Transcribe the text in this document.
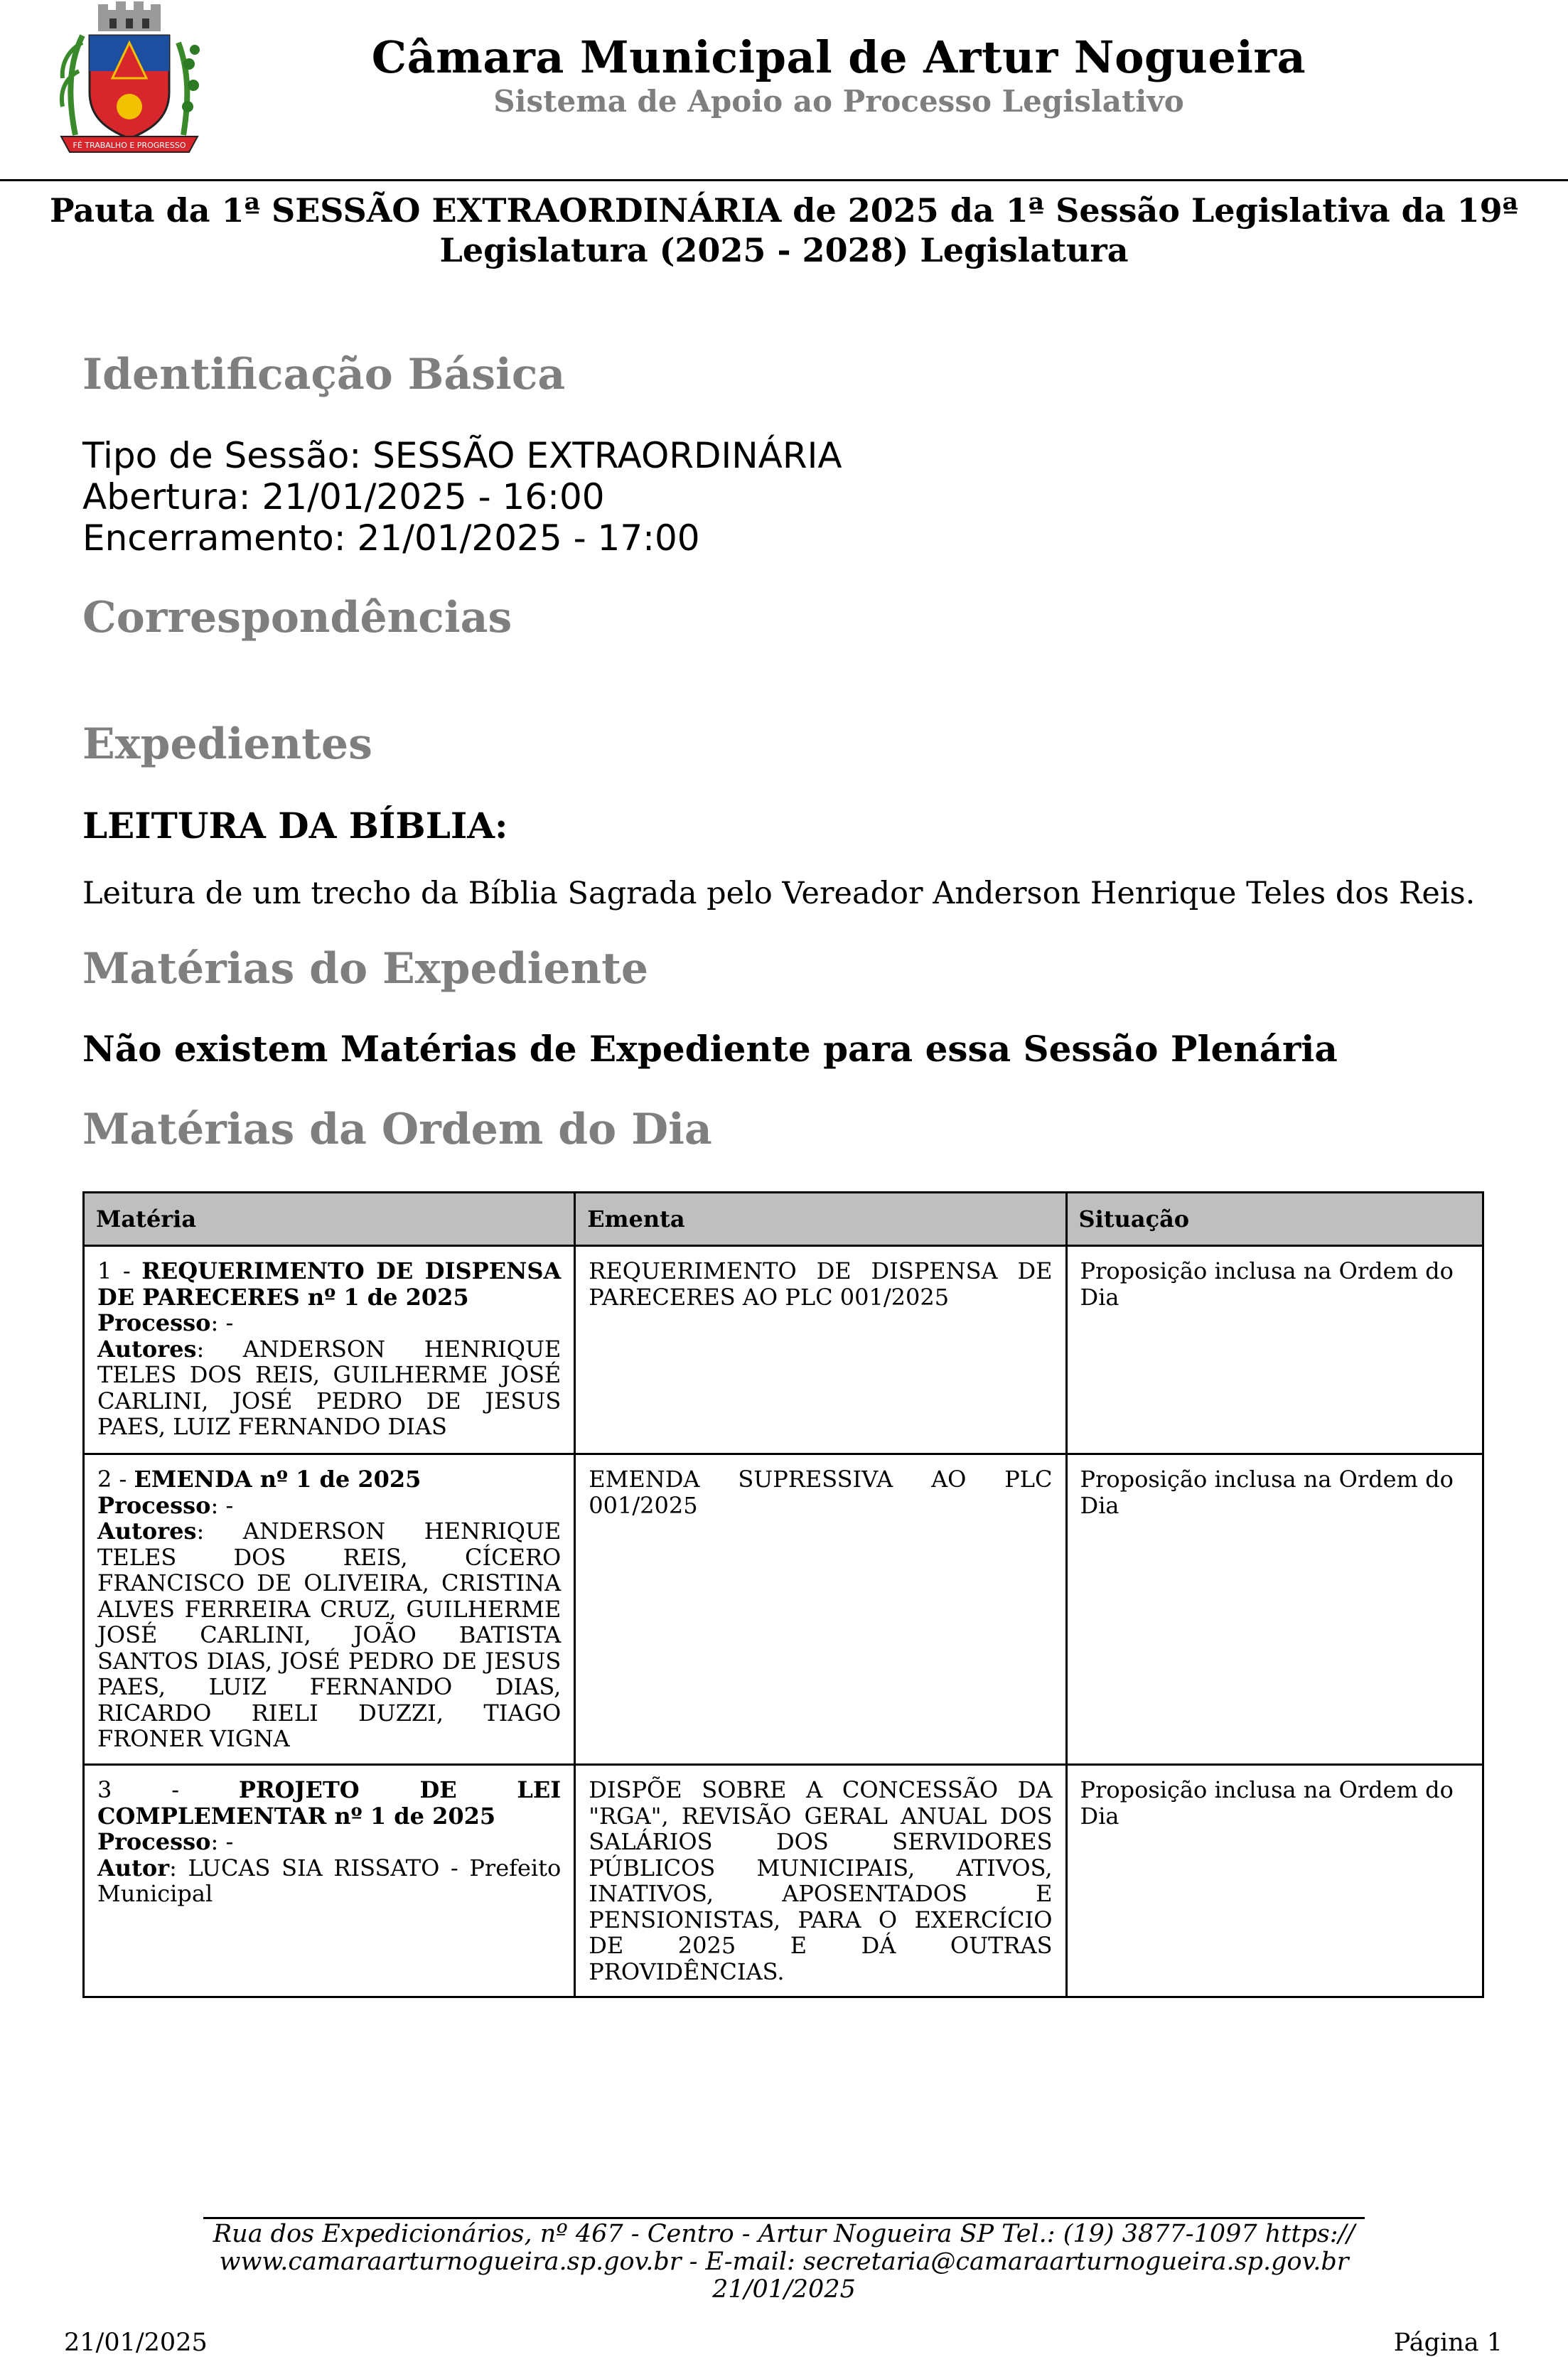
FÉ TRABALHO E PROGRESSO
Câmara Municipal de Artur Nogueira
Sistema de Apoio ao Processo Legislativo
Pauta da 1ª SESSÃO EXTRAORDINÁRIA de 2025 da 1ª Sessão Legislativa da 19ª
Legislatura (2025 - 2028) Legislatura
Identificação Básica
Tipo de Sessão: SESSÃO EXTRAORDINÁRIA
Abertura: 21/01/2025 - 16:00
Encerramento: 21/01/2025 - 17:00
Correspondências
Expedientes
LEITURA DA BÍBLIA:
Leitura de um trecho da Bíblia Sagrada pelo Vereador Anderson Henrique Teles dos Reis.
Matérias do Expediente
Não existem Matérias de Expediente para essa Sessão Plenária
Matérias da Ordem do Dia
Matéria	Ementa	Situação
1 - REQUERIMENTO DE DISPENSA DE PARECERES nº 1 de 2025
Processo: -
Autores: ANDERSON HENRIQUE TELES DOS REIS, GUILHERME JOSÉ CARLINI, JOSÉ PEDRO DE JESUS PAES, LUIZ FERNANDO DIAS	REQUERIMENTO DE DISPENSA DE PARECERES AO PLC 001/2025	Proposição inclusa na Ordem do Dia
2 - EMENDA nº 1 de 2025
Processo: -
Autores: ANDERSON HENRIQUE TELES DOS REIS, CÍCERO FRANCISCO DE OLIVEIRA, CRISTINA ALVES FERREIRA CRUZ, GUILHERME JOSÉ CARLINI, JOÃO BATISTA SANTOS DIAS, JOSÉ PEDRO DE JESUS PAES, LUIZ FERNANDO DIAS, RICARDO RIELI DUZZI, TIAGO FRONER VIGNA	EMENDA SUPRESSIVA AO PLC 001/2025	Proposição inclusa na Ordem do Dia
3 - PROJETO DE LEI COMPLEMENTAR nº 1 de 2025
Processo: -
Autor: LUCAS SIA RISSATO - Prefeito Municipal	DISPÕE SOBRE A CONCESSÃO DA "RGA", REVISÃO GERAL ANUAL DOS SALÁRIOS DOS SERVIDORES PÚBLICOS MUNICIPAIS, ATIVOS, INATIVOS, APOSENTADOS E PENSIONISTAS, PARA O EXERCÍCIO DE 2025 E DÁ OUTRAS PROVIDÊNCIAS.	Proposição inclusa na Ordem do Dia
Rua dos Expedicionários, nº 467 - Centro - Artur Nogueira SP Tel.: (19) 3877-1097 https://
www.camaraarturnogueira.sp.gov.br - E-mail: secretaria@camaraarturnogueira.sp.gov.br
21/01/2025
21/01/2025	Página 1
